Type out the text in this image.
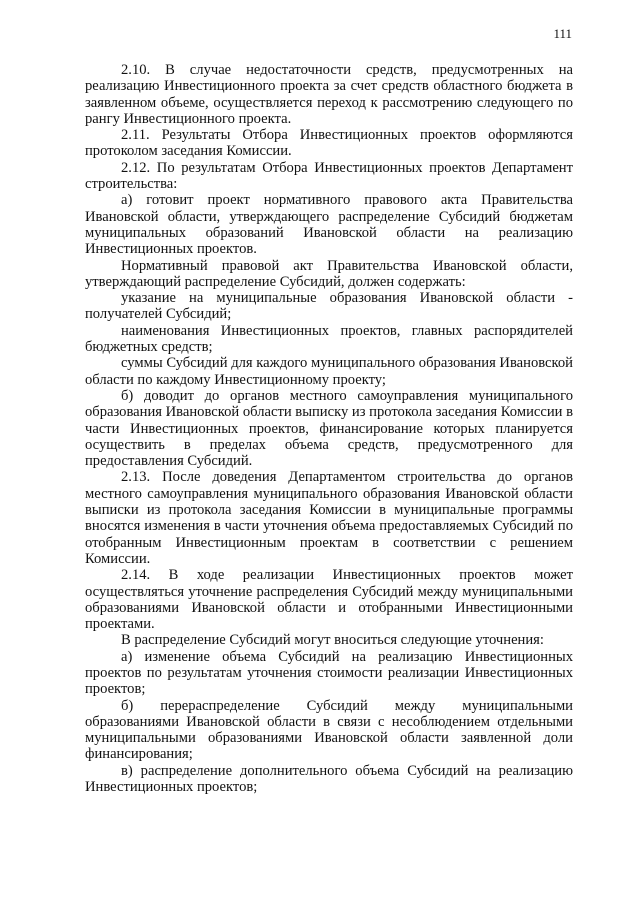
111

2.10. В случае недостаточности средств, предусмотренных на реализацию Инвестиционного проекта за счет средств областного бюджета в заявленном объеме, осуществляется переход к рассмотрению следующего по рангу Инвестиционного проекта.

2.11. Результаты Отбора Инвестиционных проектов оформляются протоколом заседания Комиссии.

2.12. По результатам Отбора Инвестиционных проектов Департамент строительства:

а) готовит проект нормативного правового акта Правительства Ивановской области, утверждающего распределение Субсидий бюджетам муниципальных образований Ивановской области на реализацию Инвестиционных проектов.

Нормативный правовой акт Правительства Ивановской области, утверждающий распределение Субсидий, должен содержать:

указание на муниципальные образования Ивановской области - получателей Субсидий;

наименования Инвестиционных проектов, главных распорядителей бюджетных средств;

суммы Субсидий для каждого муниципального образования Ивановской области по каждому Инвестиционному проекту;

б) доводит до органов местного самоуправления муниципального образования Ивановской области выписку из протокола заседания Комиссии в части Инвестиционных проектов, финансирование которых планируется осуществить в пределах объема средств, предусмотренного для предоставления Субсидий.

2.13. После доведения Департаментом строительства до органов местного самоуправления муниципального образования Ивановской области выписки из протокола заседания Комиссии в муниципальные программы вносятся изменения в части уточнения объема предоставляемых Субсидий по отобранным Инвестиционным проектам в соответствии с решением Комиссии.

2.14. В ходе реализации Инвестиционных проектов может осуществляться уточнение распределения Субсидий между муниципальными образованиями Ивановской области и отобранными Инвестиционными проектами.

В распределение Субсидий могут вноситься следующие уточнения:

а) изменение объема Субсидий на реализацию Инвестиционных проектов по результатам уточнения стоимости реализации Инвестиционных проектов;

б) перераспределение Субсидий между муниципальными образованиями Ивановской области в связи с несоблюдением отдельными муниципальными образованиями Ивановской области заявленной доли финансирования;

в) распределение дополнительного объема Субсидий на реализацию Инвестиционных проектов;
